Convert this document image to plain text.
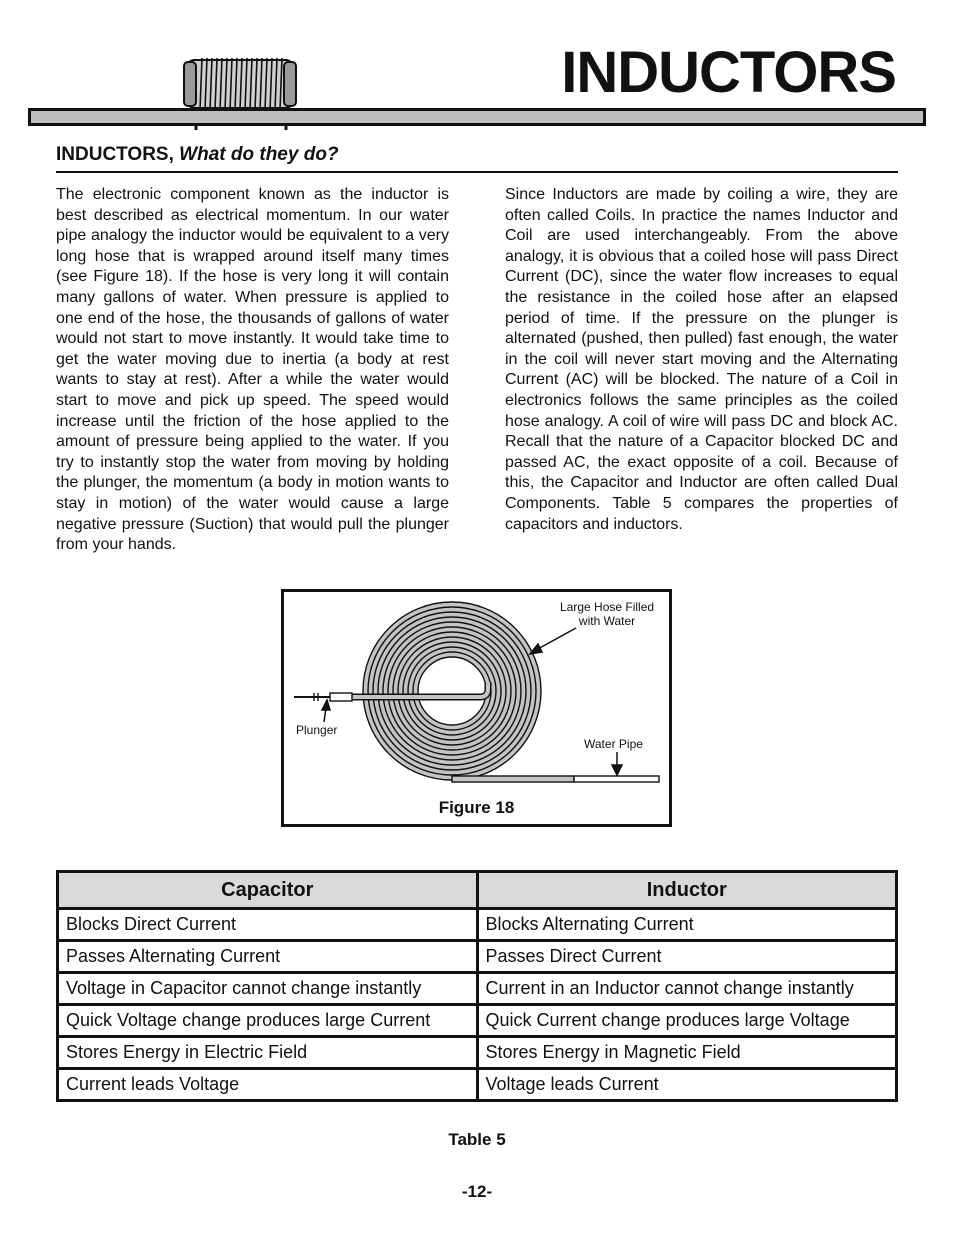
INDUCTORS
INDUCTORS, What do they do?
The electronic component known as the inductor is best described as electrical momentum. In our water pipe analogy the inductor would be equivalent to a very long hose that is wrapped around itself many times (see Figure 18). If the hose is very long it will contain many gallons of water. When pressure is applied to one end of the hose, the thousands of gallons of water would not start to move instantly. It would take time to get the water moving due to inertia (a body at rest wants to stay at rest). After a while the water would start to move and pick up speed. The speed would increase until the friction of the hose applied to the amount of pressure being applied to the water. If you try to instantly stop the water from moving by holding the plunger, the momentum (a body in motion wants to stay in motion) of the water would cause a large negative pressure (Suction) that would pull the plunger from your hands.
Since Inductors are made by coiling a wire, they are often called Coils. In practice the names Inductor and Coil are used interchangeably. From the above analogy, it is obvious that a coiled hose will pass Direct Current (DC), since the water flow increases to equal the resistance in the coiled hose after an elapsed period of time. If the pressure on the plunger is alternated (pushed, then pulled) fast enough, the water in the coil will never start moving and the Alternating Current (AC) will be blocked. The nature of a Coil in electronics follows the same principles as the coiled hose analogy. A coil of wire will pass DC and block AC. Recall that the nature of a Capacitor blocked DC and passed AC, the exact opposite of a coil. Because of this, the Capacitor and Inductor are often called Dual Components. Table 5 compares the properties of capacitors and inductors.
Large Hose Filled
with Water
Plunger
Water Pipe
Figure 18
Capacitor	Inductor
Blocks Direct Current	Blocks Alternating Current
Passes Alternating Current	Passes Direct Current
Voltage in Capacitor cannot change instantly	Current in an Inductor cannot change instantly
Quick Voltage change produces large Current	Quick Current change produces large Voltage
Stores Energy in Electric Field	Stores Energy in Magnetic Field
Current leads Voltage	Voltage leads Current
Table 5
-12-
